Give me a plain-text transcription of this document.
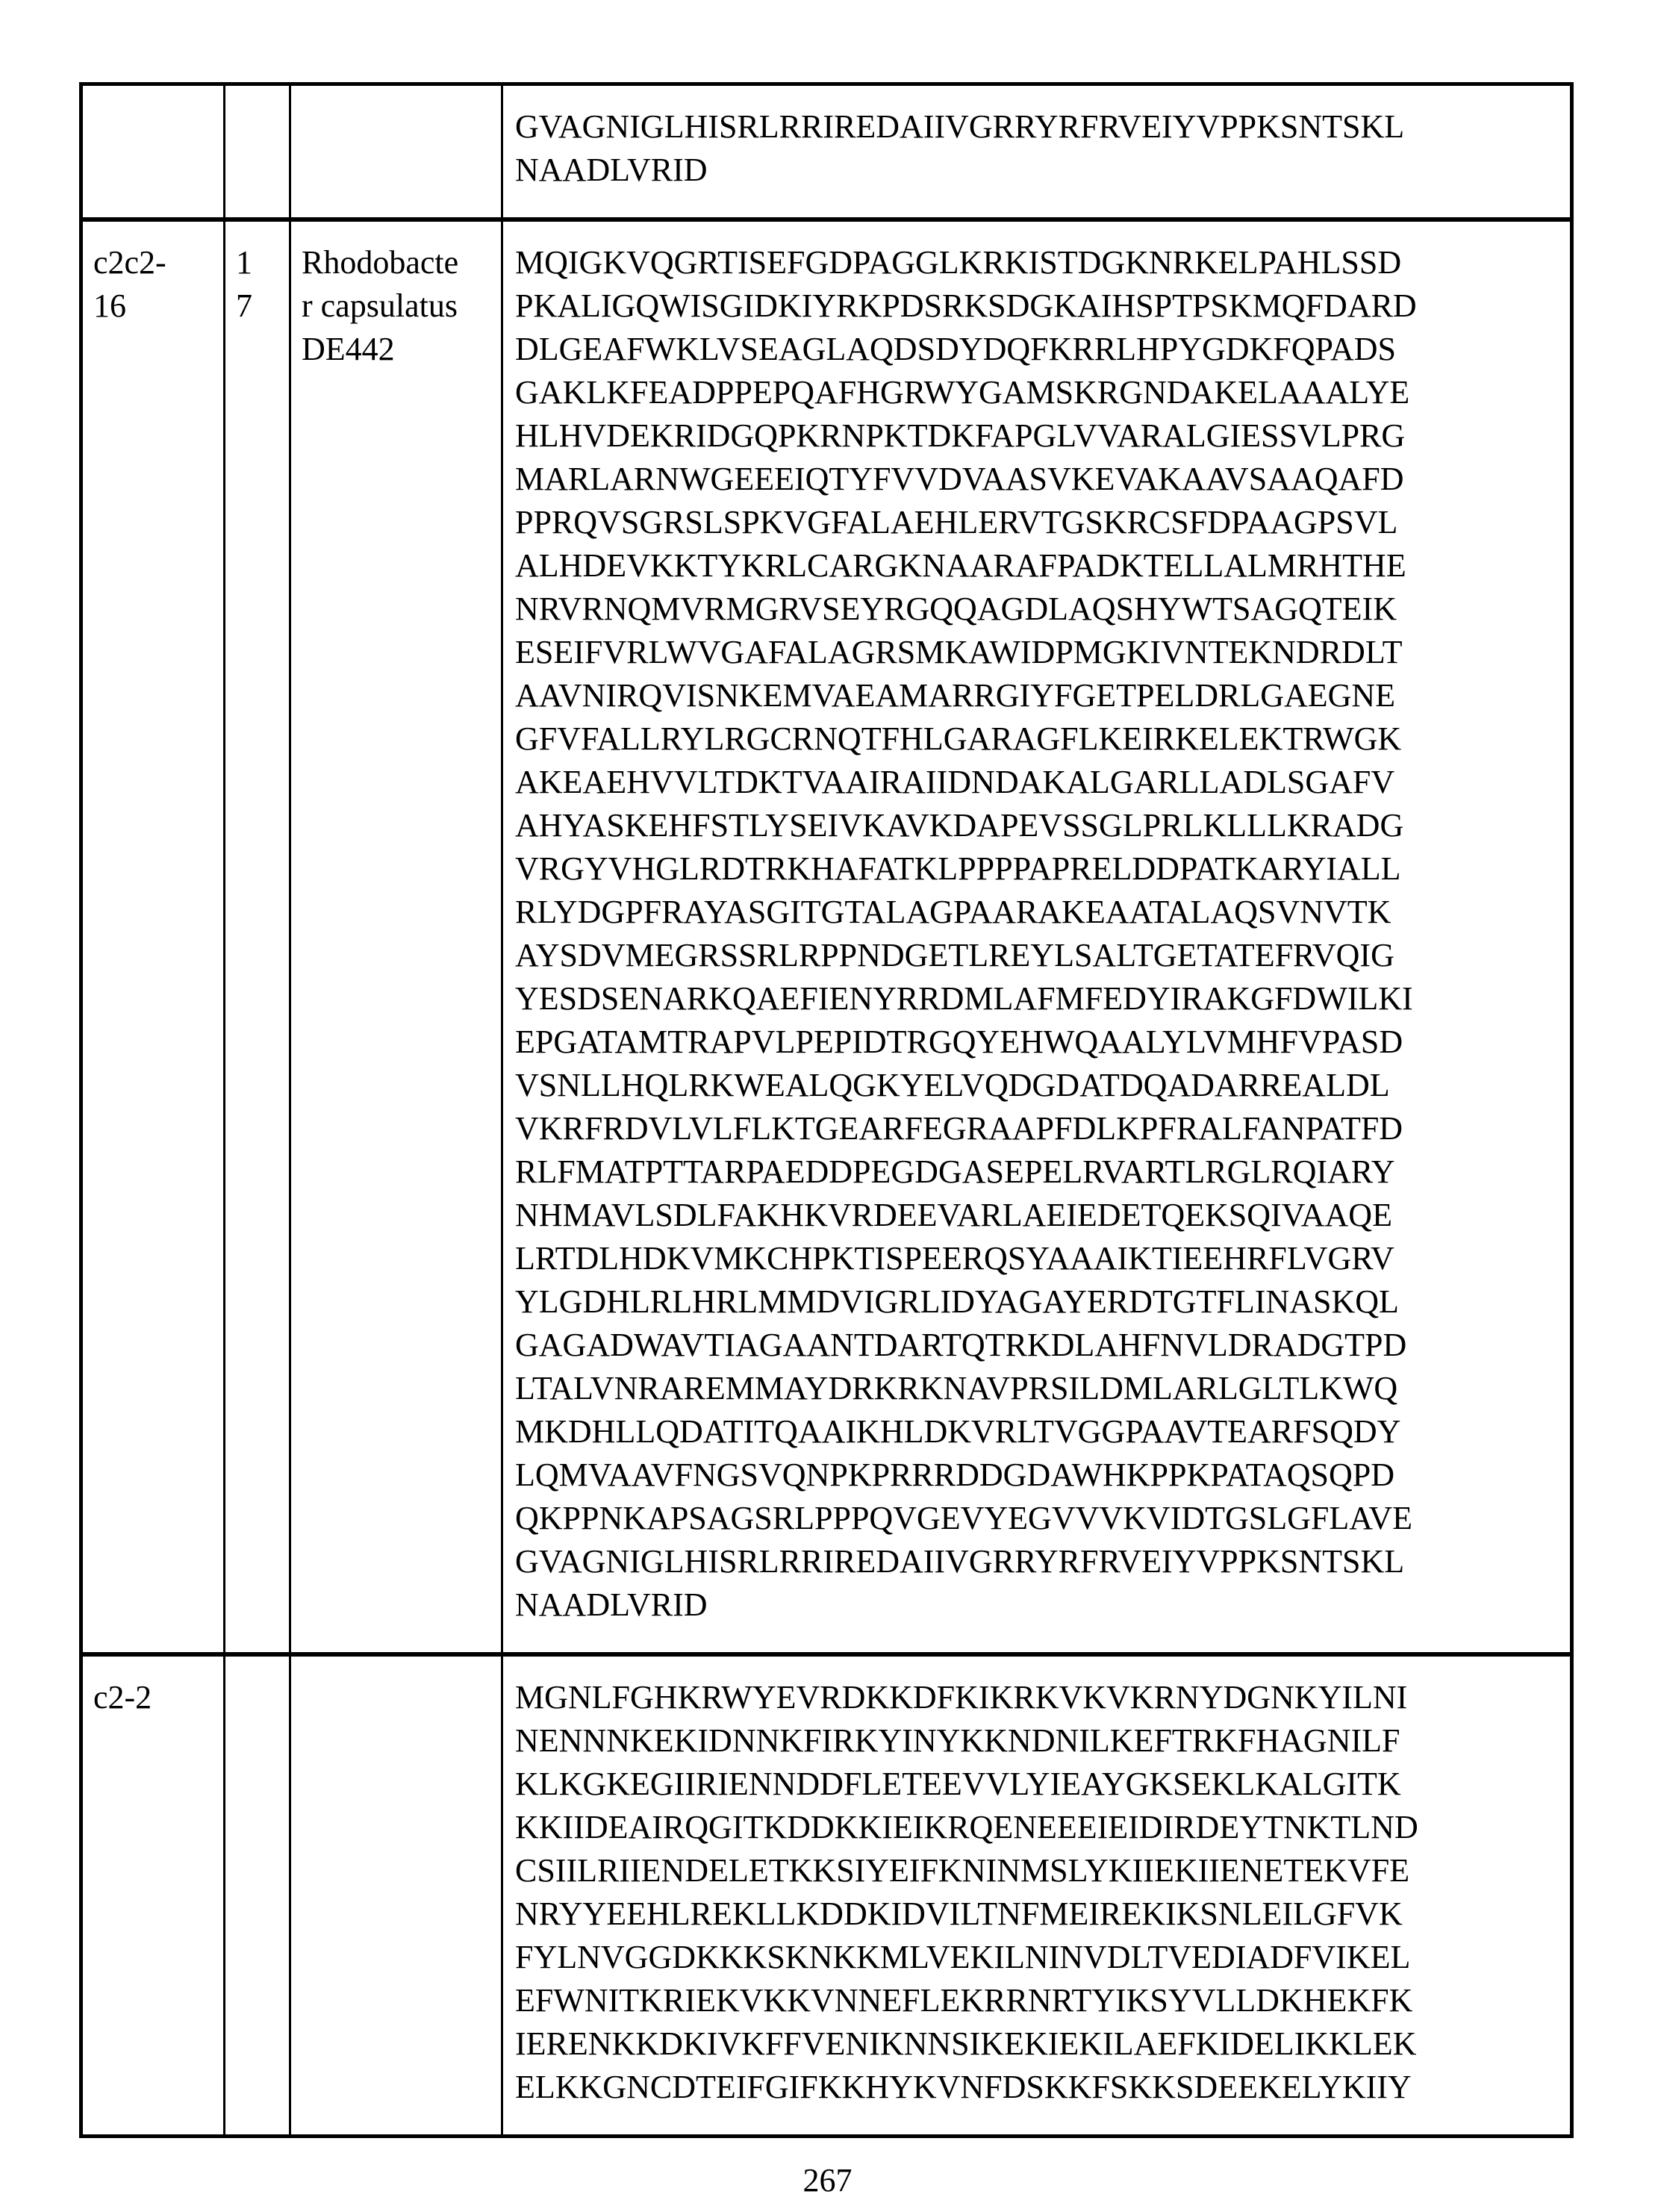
GVAGNIGLHISRLRRIREDAIIVGRRYRFRVEIYVPPKSNTSKL
NAADLVRID
c2c2-
16
1
7
Rhodobacte
r capsulatus
DE442
MQIGKVQGRTISEFGDPAGGLKRKISTDGKNRKELPAHLSSD
PKALIGQWISGIDKIYRKPDSRKSDGKAIHSPTPSKMQFDARD
DLGEAFWKLVSEAGLAQDSDYDQFKRRLHPYGDKFQPADS
GAKLKFEADPPEPQAFHGRWYGAMSKRGNDAKELAAALYE
HLHVDEKRIDGQPKRNPKTDKFAPGLVVARALGIESSVLPRG
MARLARNWGEEEIQTYFVVDVAASVKEVAKAAVSAAQAFD
PPRQVSGRSLSPKVGFALAEHLERVTGSKRCSFDPAAGPSVL
ALHDEVKKTYKRLCARGKNAARAFPADKTELLALMRHTHE
NRVRNQMVRMGRVSEYRGQQAGDLAQSHYWTSAGQTEIK
ESEIFVRLWVGAFALAGRSMKAWIDPMGKIVNTEKNDRDLT
AAVNIRQVISNKEMVAEAMARRGIYFGETPELDRLGAEGNE
GFVFALLRYLRGCRNQTFHLGARAGFLKEIRKELEKTRWGK
AKEAEHVVLTDKTVAAIRAIIDNDAKALGARLLADLSGAFV
AHYASKEHFSTLYSEIVKAVKDAPEVSSGLPRLKLLLKRADG
VRGYVHGLRDTRKHAFATKLPPPPAPRELDDPATKARYIALL
RLYDGPFRAYASGITGTALAGPAARAKEAATALAQSVNVTK
AYSDVMEGRSSRLRPPNDGETLREYLSALTGETATEFRVQIG
YESDSENARKQAEFIENYRRDMLAFMFEDYIRAKGFDWILKI
EPGATAMTRAPVLPEPIDTRGQYEHWQAALYLVMHFVPASD
VSNLLHQLRKWEALQGKYELVQDGDATDQADARREALDL
VKRFRDVLVLFLKTGEARFEGRAAPFDLKPFRALFANPATFD
RLFMATPTTARPAEDDPEGDGASEPELRVARTLRGLRQIARY
NHMAVLSDLFAKHKVRDEEVARLAEIEDETQEKSQIVAAQE
LRTDLHDKVMKCHPKTISPEERQSYAAAIKTIEEHRFLVGRV
YLGDHLRLHRLMMDVIGRLIDYAGAYERDTGTFLINASKQL
GAGADWAVTIAGAANTDARTQTRKDLAHFNVLDRADGTPD
LTALVNRAREMMAYDRKRKNAVPRSILDMLARLGLTLKWQ
MKDHLLQDATITQAAIKHLDKVRLTVGGPAAVTEARFSQDY
LQMVAAVFNGSVQNPKPRRRDDGDAWHKPPKPATAQSQPD
QKPPNKAPSAGSRLPPPQVGEVYEGVVVKVIDTGSLGFLAVE
GVAGNIGLHISRLRRIREDAIIVGRRYRFRVEIYVPPKSNTSKL
NAADLVRID
c2-2	MGNLFGHKRWYEVRDKKDFKIKRKVKVKRNYDGNKYILNI
NENNNKEKIDNNKFIRKYINYKKNDNILKEFTRKFHAGNILF
KLKGKEGIIRIENNDDFLETEEVVLYIEAYGKSEKLKALGITK
KKIIDEAIRQGITKDDKKIEIKRQENEEEIEIDIRDEYTNKTLND
CSIILRIIENDELETKKSIYEIFKNINMSLYKIIEKIIENETEKVFE
NRYYEEHLREKLLKDDKIDVILTNFMEIREKIKSNLEILGFVK
FYLNVGGDKKKSKNKKMLVEKILNINVDLTVEDIADFVIKEL
EFWNITKRIEKVKKVNNEFLEKRRNRTYIKSYVLLDKHEKFK
IERENKKDKIVKFFVENIKNNSIKEKIEKILAEFKIDELIKKLEK
ELKKGNCDTEIFGIFKKHYKVNFDSKKFSKKSDEEKELYKIIY
267
